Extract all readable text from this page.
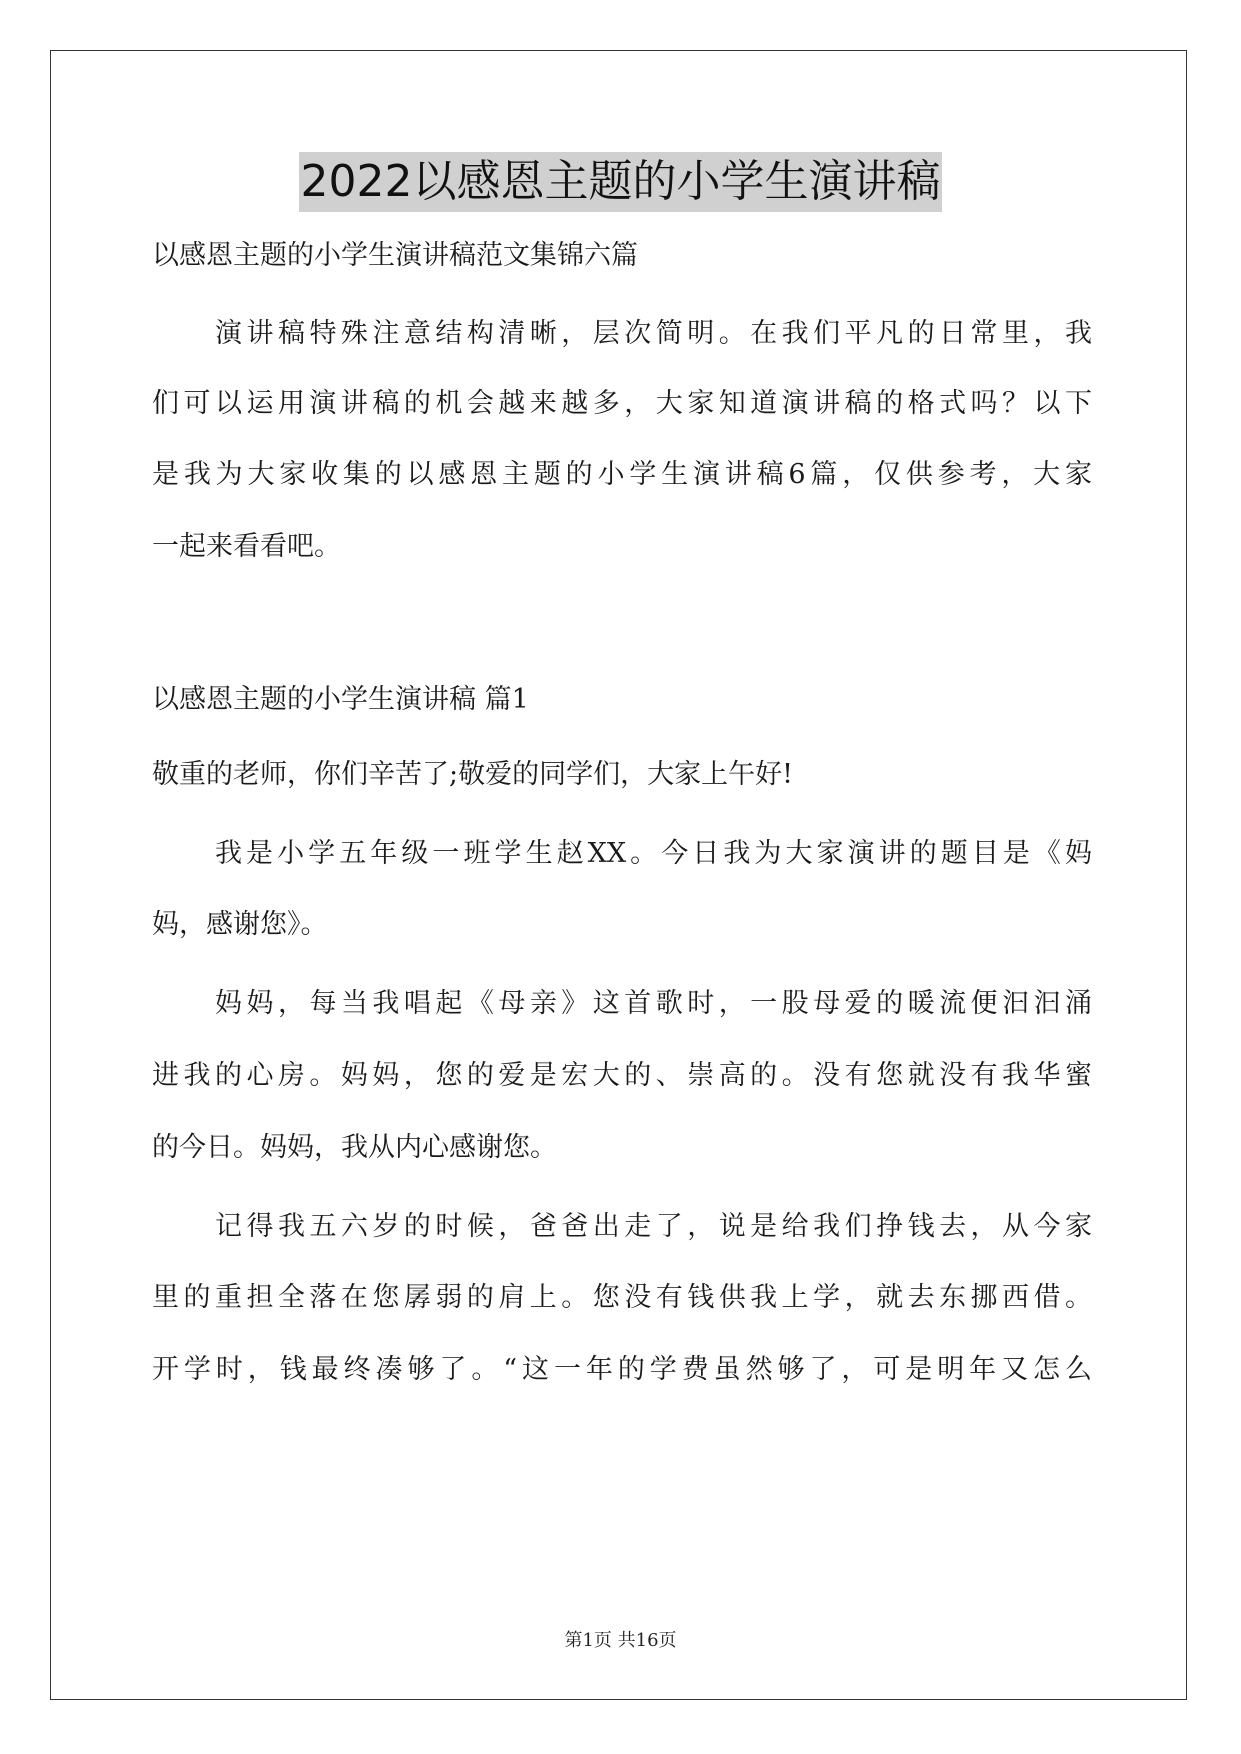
2022以感恩主题的小学生演讲稿
以感恩主题的小学生演讲稿范文集锦六篇
演讲稿特殊注意结构清晰，层次简明。在我们平凡的日常里，我
们可以运用演讲稿的机会越来越多，大家知道演讲稿的格式吗？以下
是我为大家收集的以感恩主题的小学生演讲稿6篇，仅供参考，大家
一起来看看吧。
以感恩主题的小学生演讲稿 篇1
敬重的老师，你们辛苦了;敬爱的同学们，大家上午好!
我是小学五年级一班学生赵XX。今日我为大家演讲的题目是《妈
妈，感谢您》。
妈妈，每当我唱起《母亲》这首歌时，一股母爱的暖流便汩汩涌
进我的心房。妈妈，您的爱是宏大的、崇高的。没有您就没有我华蜜
的今日。妈妈，我从内心感谢您。
记得我五六岁的时候，爸爸出走了，说是给我们挣钱去，从今家
里的重担全落在您孱弱的肩上。您没有钱供我上学，就去东挪西借。
开学时，钱最终凑够了。“这一年的学费虽然够了，可是明年又怎么
第1页 共16页
